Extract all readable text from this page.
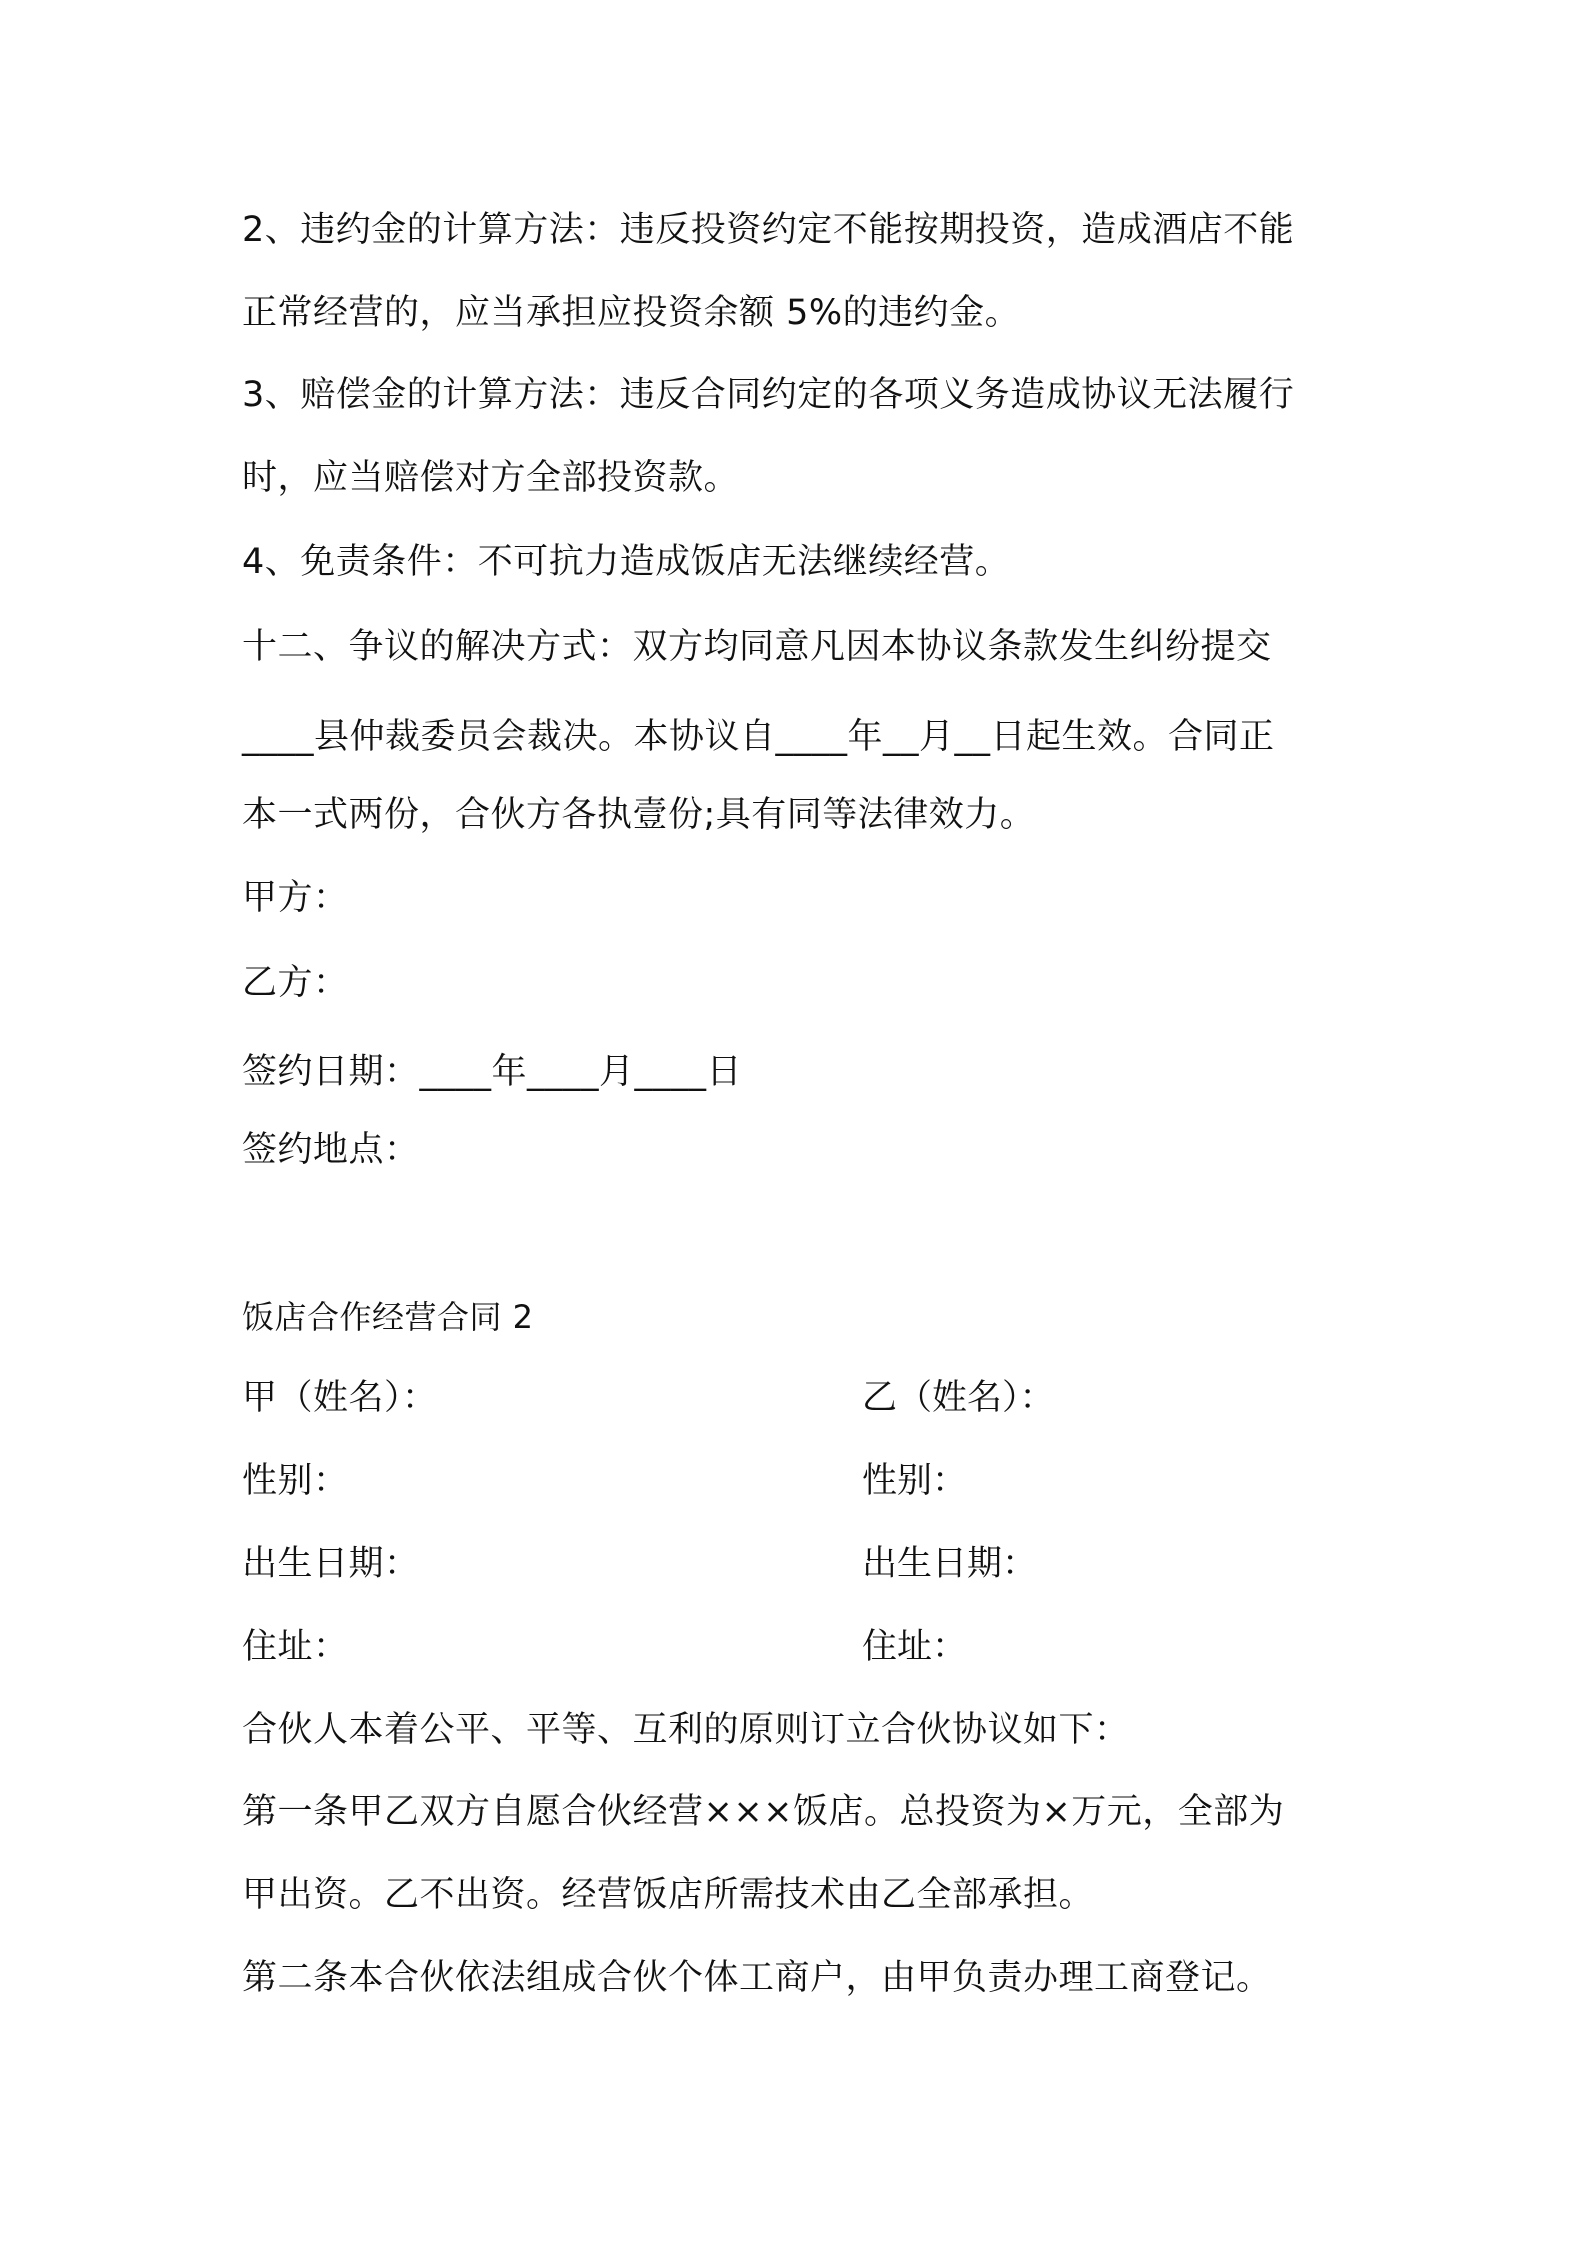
2、违约金的计算方法：违反投资约定不能按期投资，造成酒店不能
正常经营的，应当承担应投资余额 5%的违约金。
3、赔偿金的计算方法：违反合同约定的各项义务造成协议无法履行
时，应当赔偿对方全部投资款。
4、免责条件：不可抗力造成饭店无法继续经营。
十二、争议的解决方式：双方均同意凡因本协议条款发生纠纷提交
____县仲裁委员会裁决。本协议自____年__月__日起生效。合同正
本一式两份，合伙方各执壹份;具有同等法律效力。
甲方：
乙方：
签约日期：____年____月____日
签约地点：
饭店合作经营合同 2
甲（姓名）：	乙（姓名）：
性别：	性别：
出生日期：	出生日期：
住址：	住址：
合伙人本着公平、平等、互利的原则订立合伙协议如下：
第一条甲乙双方自愿合伙经营×××饭店。总投资为×万元，全部为
甲出资。乙不出资。经营饭店所需技术由乙全部承担。
第二条本合伙依法组成合伙个体工商户，由甲负责办理工商登记。
